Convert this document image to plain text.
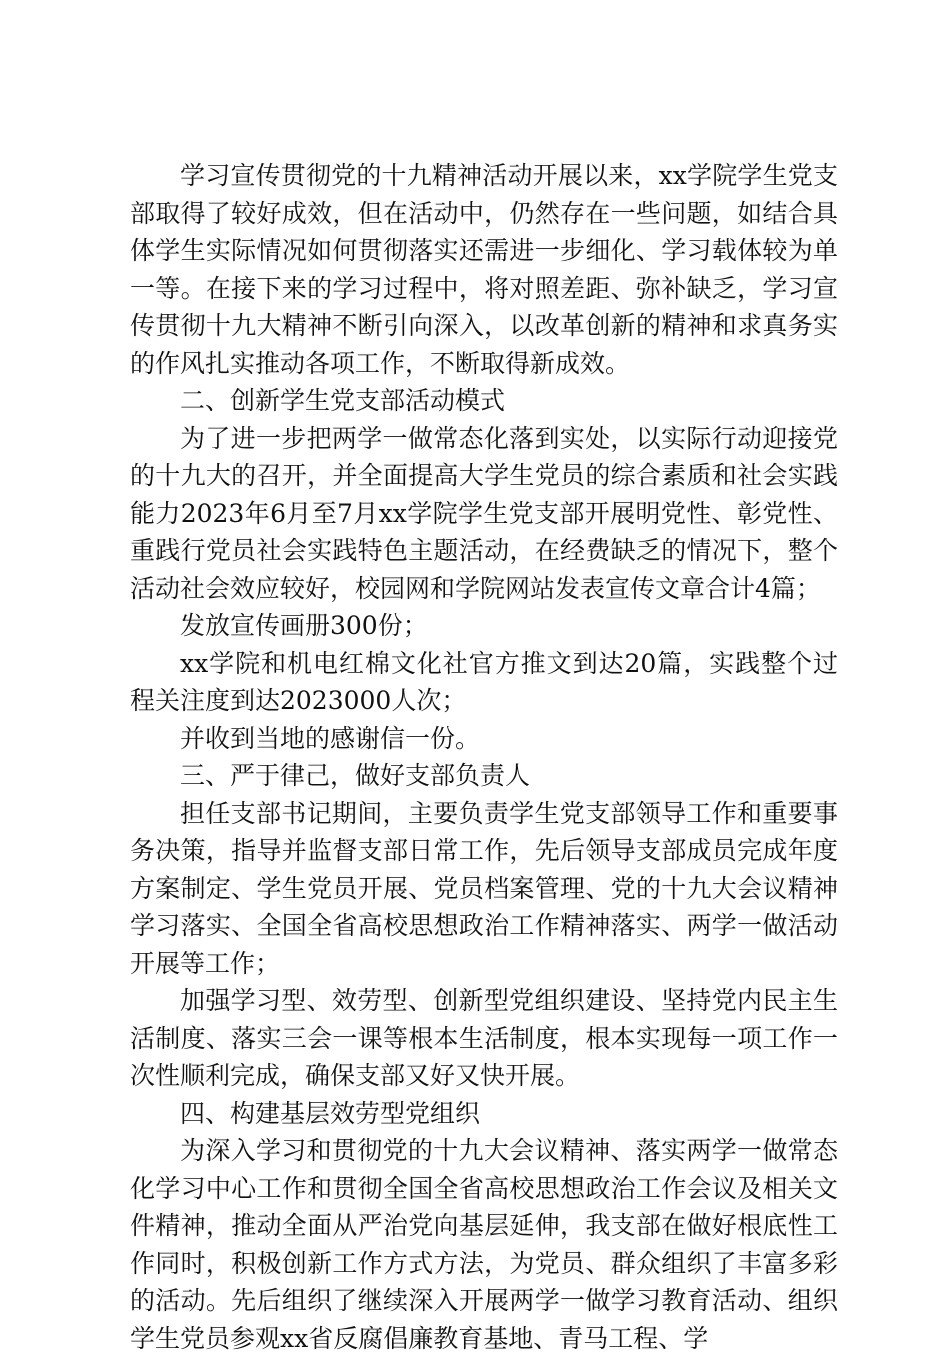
学习宣传贯彻党的十九精神活动开展以来，xx学院学生党支部取得了较好成效，但在活动中，仍然存在一些问题，如结合具体学生实际情况如何贯彻落实还需进一步细化、学习载体较为单一等。在接下来的学习过程中，将对照差距、弥补缺乏，学习宣传贯彻十九大精神不断引向深入，以改革创新的精神和求真务实的作风扎实推动各项工作，不断取得新成效。

二、创新学生党支部活动模式

为了进一步把两学一做常态化落到实处，以实际行动迎接党的十九大的召开，并全面提高大学生党员的综合素质和社会实践能力2023年6月至7月xx学院学生党支部开展明党性、彰党性、重践行党员社会实践特色主题活动，在经费缺乏的情况下，整个活动社会效应较好，校园网和学院网站发表宣传文章合计4篇；

发放宣传画册300份；

xx学院和机电红棉文化社官方推文到达20篇，实践整个过程关注度到达2023000人次；

并收到当地的感谢信一份。

三、严于律己，做好支部负责人

担任支部书记期间，主要负责学生党支部领导工作和重要事务决策，指导并监督支部日常工作，先后领导支部成员完成年度方案制定、学生党员开展、党员档案管理、党的十九大会议精神学习落实、全国全省高校思想政治工作精神落实、两学一做活动开展等工作；

加强学习型、效劳型、创新型党组织建设、坚持党内民主生活制度、落实三会一课等根本生活制度，根本实现每一项工作一次性顺利完成，确保支部又好又快开展。

四、构建基层效劳型党组织

为深入学习和贯彻党的十九大会议精神、落实两学一做常态化学习中心工作和贯彻全国全省高校思想政治工作会议及相关文件精神，推动全面从严治党向基层延伸，我支部在做好根底性工作同时，积极创新工作方式方法，为党员、群众组织了丰富多彩的活动。先后组织了继续深入开展两学一做学习教育活动、组织学生党员参观xx省反腐倡廉教育基地、青马工程、学
